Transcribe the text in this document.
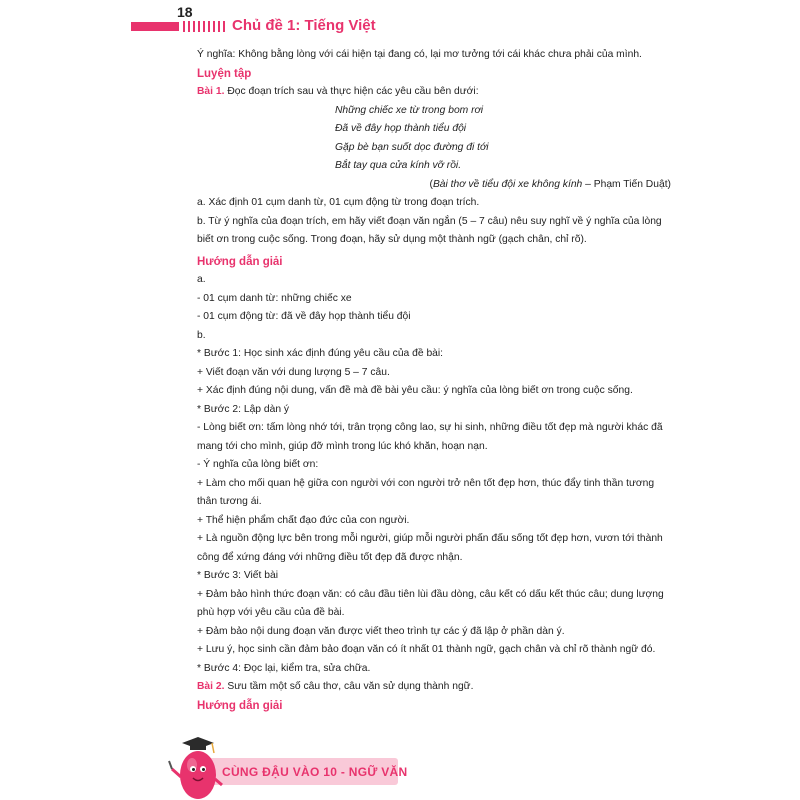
18
Chủ đề 1: Tiếng Việt

Ý nghĩa: Không bằng lòng với cái hiện tại đang có, lại mơ tưởng tới cái khác chưa phải của mình.

Luyện tập

Bài 1. Đọc đoạn trích sau và thực hiện các yêu cầu bên dưới:

Những chiếc xe từ trong bom rơi

Đã về đây họp thành tiểu đội

Gặp bè bạn suốt dọc đường đi tới

Bắt tay qua cửa kính vỡ rồi.

(Bài thơ về tiểu đội xe không kính – Phạm Tiến Duật)

a. Xác định 01 cụm danh từ, 01 cụm động từ trong đoạn trích.

b. Từ ý nghĩa của đoạn trích, em hãy viết đoạn văn ngắn (5 – 7 câu) nêu suy nghĩ về ý nghĩa của lòng biết ơn trong cuộc sống. Trong đoạn, hãy sử dụng một thành ngữ (gạch chân, chỉ rõ).

Hướng dẫn giải

a.

- 01 cụm danh từ: những chiếc xe

- 01 cụm động từ: đã về đây họp thành tiểu đội

b.

* Bước 1: Học sinh xác định đúng yêu cầu của đề bài:

+ Viết đoạn văn với dung lượng 5 – 7 câu.

+ Xác định đúng nội dung, vấn đề mà đề bài yêu cầu: ý nghĩa của lòng biết ơn trong cuộc sống.

* Bước 2: Lập dàn ý

- Lòng biết ơn: tấm lòng nhớ tới, trân trọng công lao, sự hi sinh, những điều tốt đẹp mà người khác đã mang tới cho mình, giúp đỡ mình trong lúc khó khăn, hoạn nạn.

- Ý nghĩa của lòng biết ơn:

+ Làm cho mối quan hệ giữa con người với con người trở nên tốt đẹp hơn, thúc đẩy tinh thần tương thân tương ái.

+ Thể hiện phẩm chất đạo đức của con người.

+ Là nguồn động lực bên trong mỗi người, giúp mỗi người phấn đấu sống tốt đẹp hơn, vươn tới thành công để xứng đáng với những điều tốt đẹp đã được nhận.

* Bước 3: Viết bài

+ Đảm bảo hình thức đoạn văn: có câu đầu tiên lùi đầu dòng, câu kết có dấu kết thúc câu; dung lượng phù hợp với yêu cầu của đề bài.

+ Đảm bảo nội dung đoạn văn được viết theo trình tự các ý đã lập ở phần dàn ý.

+ Lưu ý, học sinh cần đảm bảo đoạn văn có ít nhất 01 thành ngữ, gạch chân và chỉ rõ thành ngữ đó.

* Bước 4: Đọc lại, kiểm tra, sửa chữa.

Bài 2. Sưu tầm một số câu thơ, câu văn sử dụng thành ngữ.

Hướng dẫn giải

CÙNG ĐẬU VÀO 10 - NGỮ VĂN
